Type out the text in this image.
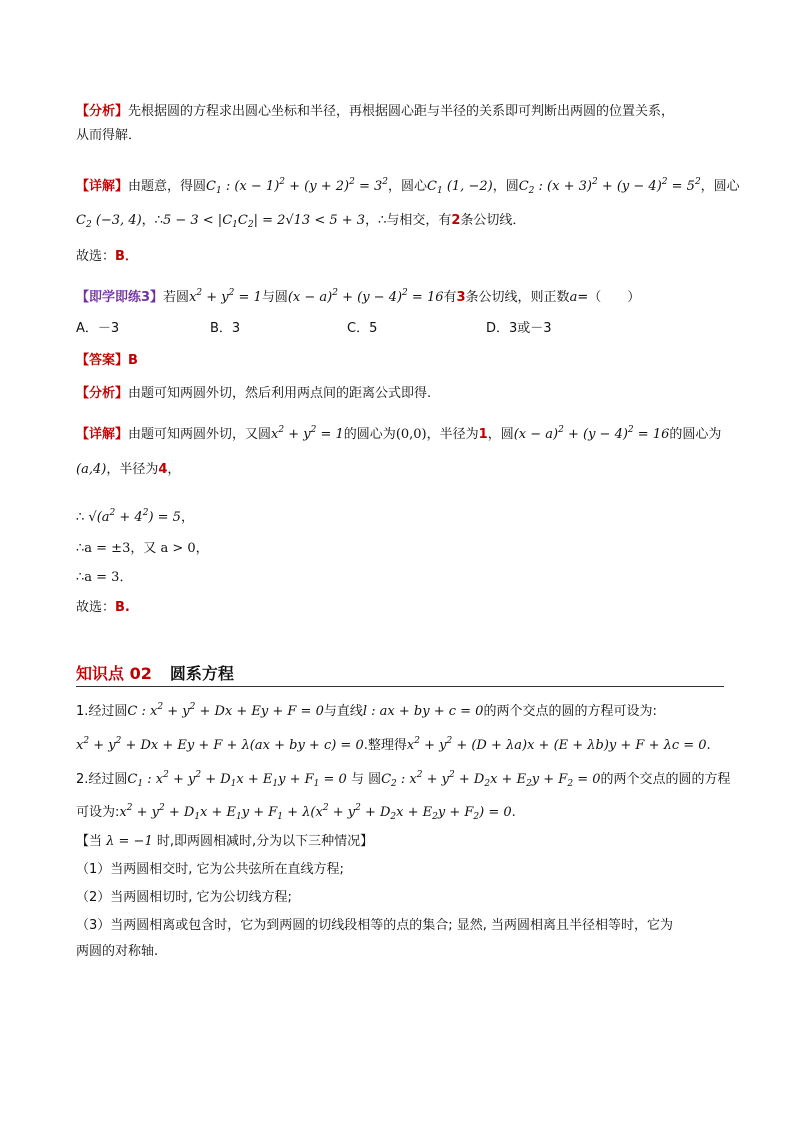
【分析】先根据圆的方程求出圆心坐标和半径，再根据圆心距与半径的关系即可判断出两圆的位置关系，
从而得解．
【详解】由题意，得圆$C_1$ : $(x - 1)^2 + (y + 2)^2 = 3^2$，圆心$C_1$ (1, −2)，圆$C_2$ : $(x + 3)^2 + (y - 4)^2 = 5^2$，圆心
$C_2$ (−3, 4)，∴5 − $3 < |C_1C_2| = 2√13 < 5 + 3$，∴与相交，有2条公切线．
故选：B．
【即学即练3】若圆$x^2 + y^2 = 1$与圆$(x - a)^2 + (y - 4)^2 = 16$有3条公切线，则正数a=（　　）
A．－3	B．3	C．5	D．3或－3
【答案】B
【分析】由题可知两圆外切，然后利用两点间的距离公式即得.
【详解】由题可知两圆外切，又圆$x^2 + y^2 = 1$的圆心为(0,0)，半径为1，圆$(x - a)^2 + (y - 4)^2 = 16$的圆心为
(a,4)，半径为4，
∴ $√(a^2 + 4^2) = 5$，
∴a = ±3，又 a > 0，
∴a = 3．
故选：B.
知识点 02 圆系方程
1.经过圆C : $x^2 + y^2 + Dx + Ey + F = 0$与直线l : ax + by + c = 0的两个交点的圆的方程可设为:
$x^2 + y^2 + Dx + Ey + F + \lambda(ax$ + by + c) = 0.整理得$x^2 + y^2 + (D + \lambda a)x + (E + \lambda b)y + F + \lambda c = 0$.
2.经过圆$C_1$ : $x^2 + y^2 + D_1x + E_1y + F_1 = 0$ 与 圆$C_2$ : $x^2 + y^2 + D_2x + E_2y + F_2 = 0$的两个交点的圆的方程
可设为$:x^2 + y^2 + D_1x + E_1y + F_1 + \lambda(x^2 + y^2 + D_2x + E_2y + F_2) = 0$.
【当 λ = −1 时,即两圆相减时,分为以下三种情况】
（1）当两圆相交时, 它为公共弦所在直线方程;
（2）当两圆相切时, 它为公切线方程;
（3）当两圆相离或包含时，它为到两圆的切线段相等的点的集合; 显然, 当两圆相离且半径相等时，它为
两圆的对称轴.
